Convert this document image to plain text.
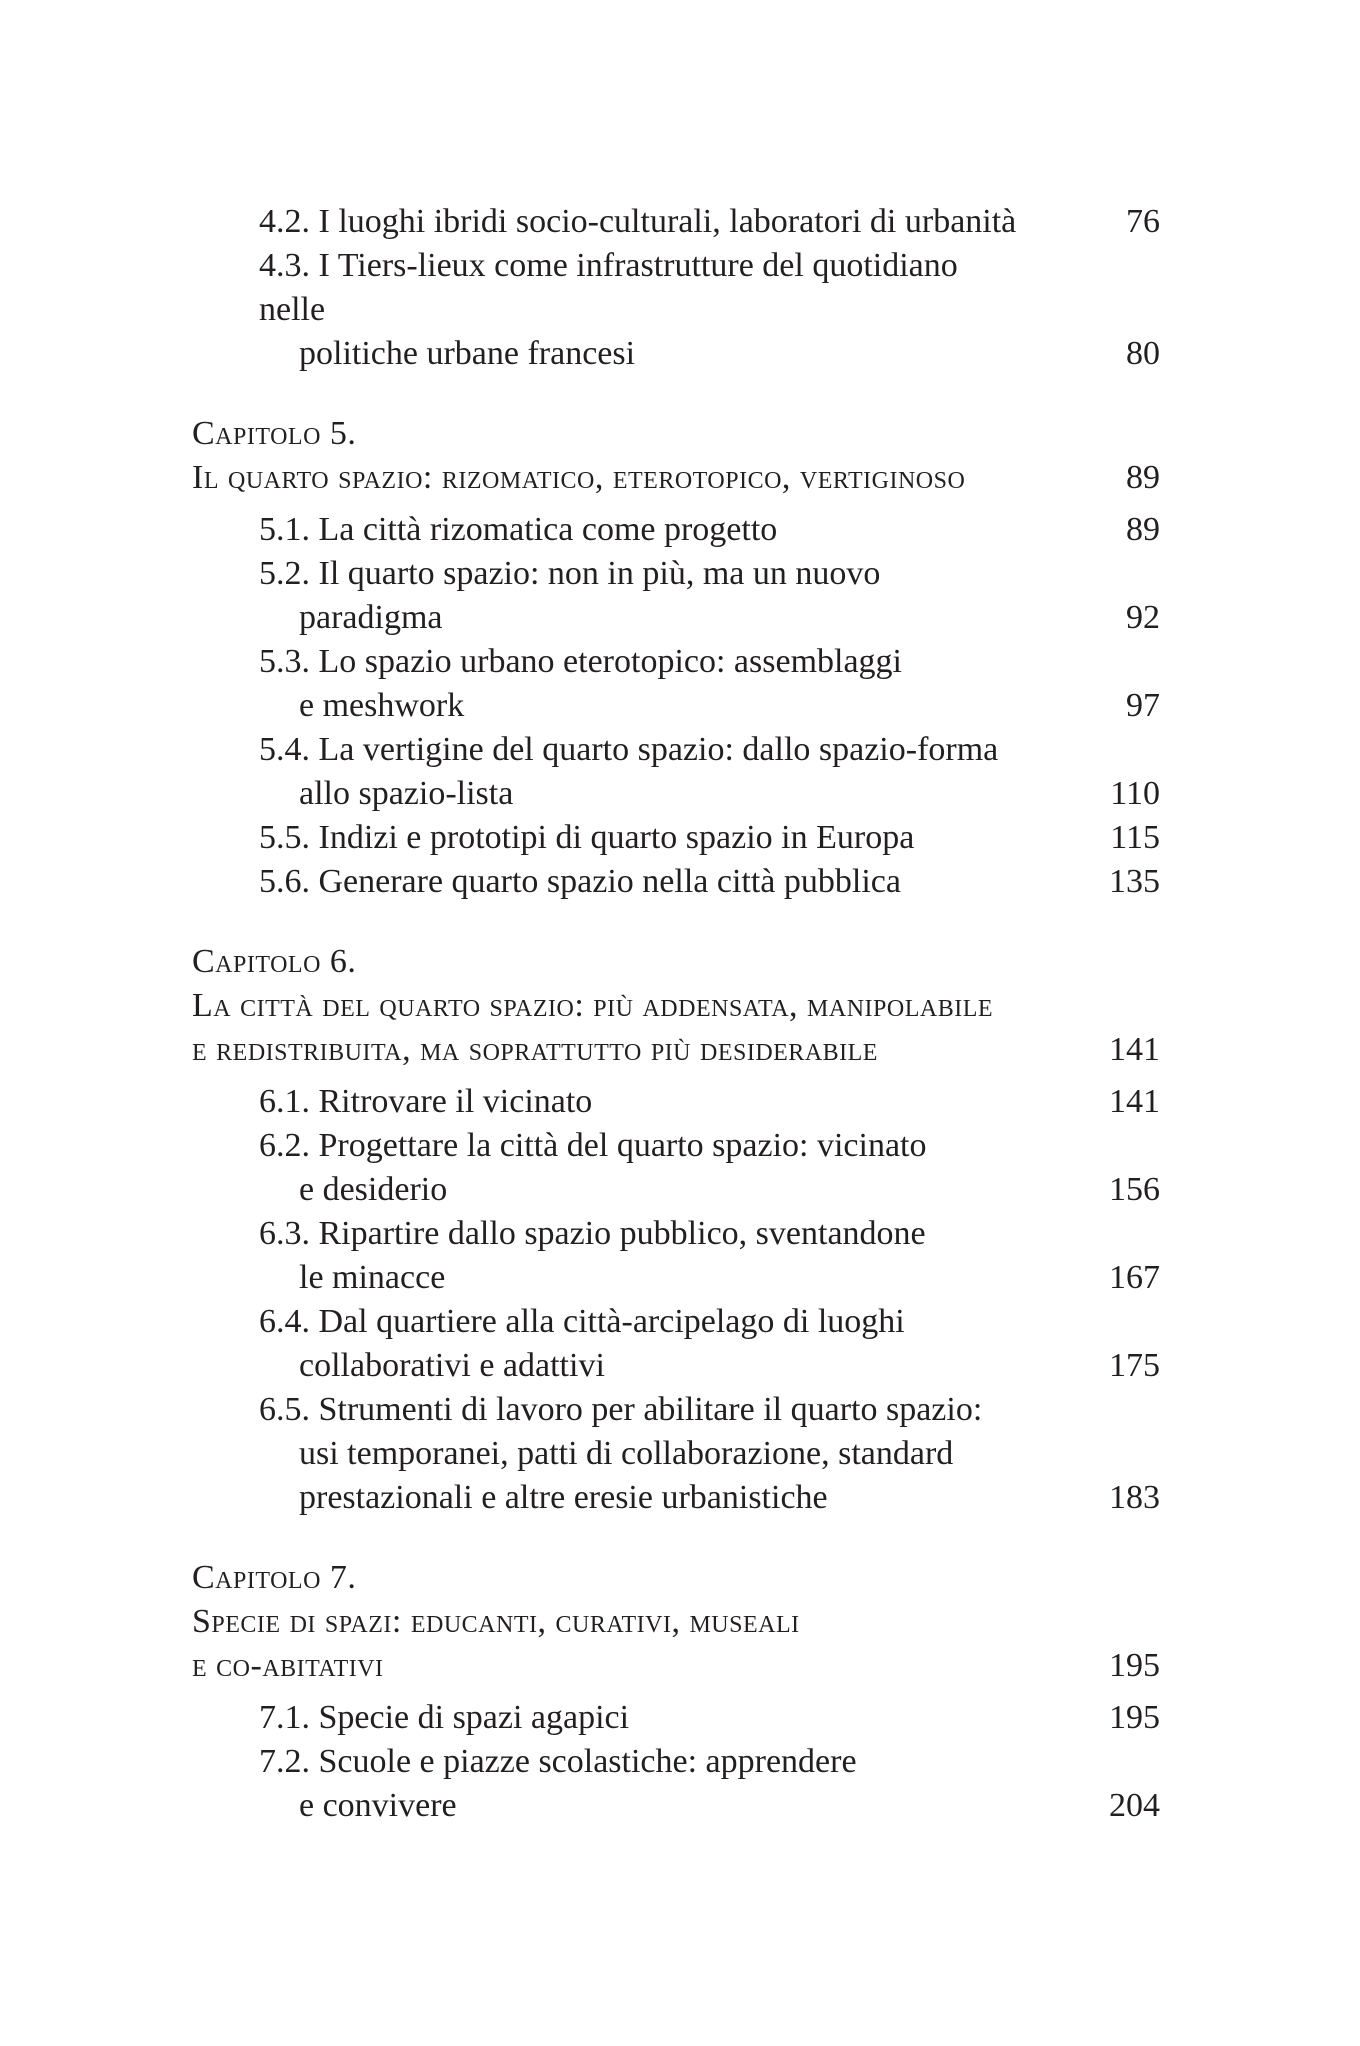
4.2. I luoghi ibridi socio-culturali, laboratori di urbanità	76
4.3. I Tiers-lieux come infrastrutture del quotidiano nelle
politiche urbane francesi	80
Capitolo 5.
Il quarto spazio: rizomatico, eterotopico, vertiginoso	89
5.1. La città rizomatica come progetto	89
5.2. Il quarto spazio: non in più, ma un nuovo
paradigma	92
5.3. Lo spazio urbano eterotopico: assemblaggi
e meshwork	97
5.4. La vertigine del quarto spazio: dallo spazio-forma
allo spazio-lista	110
5.5. Indizi e prototipi di quarto spazio in Europa	115
5.6. Generare quarto spazio nella città pubblica	135
Capitolo 6.
La città del quarto spazio: più addensata, manipolabile
e redistribuita, ma soprattutto più desiderabile	141
6.1. Ritrovare il vicinato	141
6.2. Progettare la città del quarto spazio: vicinato
e desiderio	156
6.3. Ripartire dallo spazio pubblico, sventandone
le minacce	167
6.4. Dal quartiere alla città-arcipelago di luoghi
collaborativi e adattivi	175
6.5. Strumenti di lavoro per abilitare il quarto spazio:
usi temporanei, patti di collaborazione, standard
prestazionali e altre eresie urbanistiche	183
Capitolo 7.
Specie di spazi: educanti, curativi, museali
e co-abitativi	195
7.1. Specie di spazi agapici	195
7.2. Scuole e piazze scolastiche: apprendere
e convivere	204
